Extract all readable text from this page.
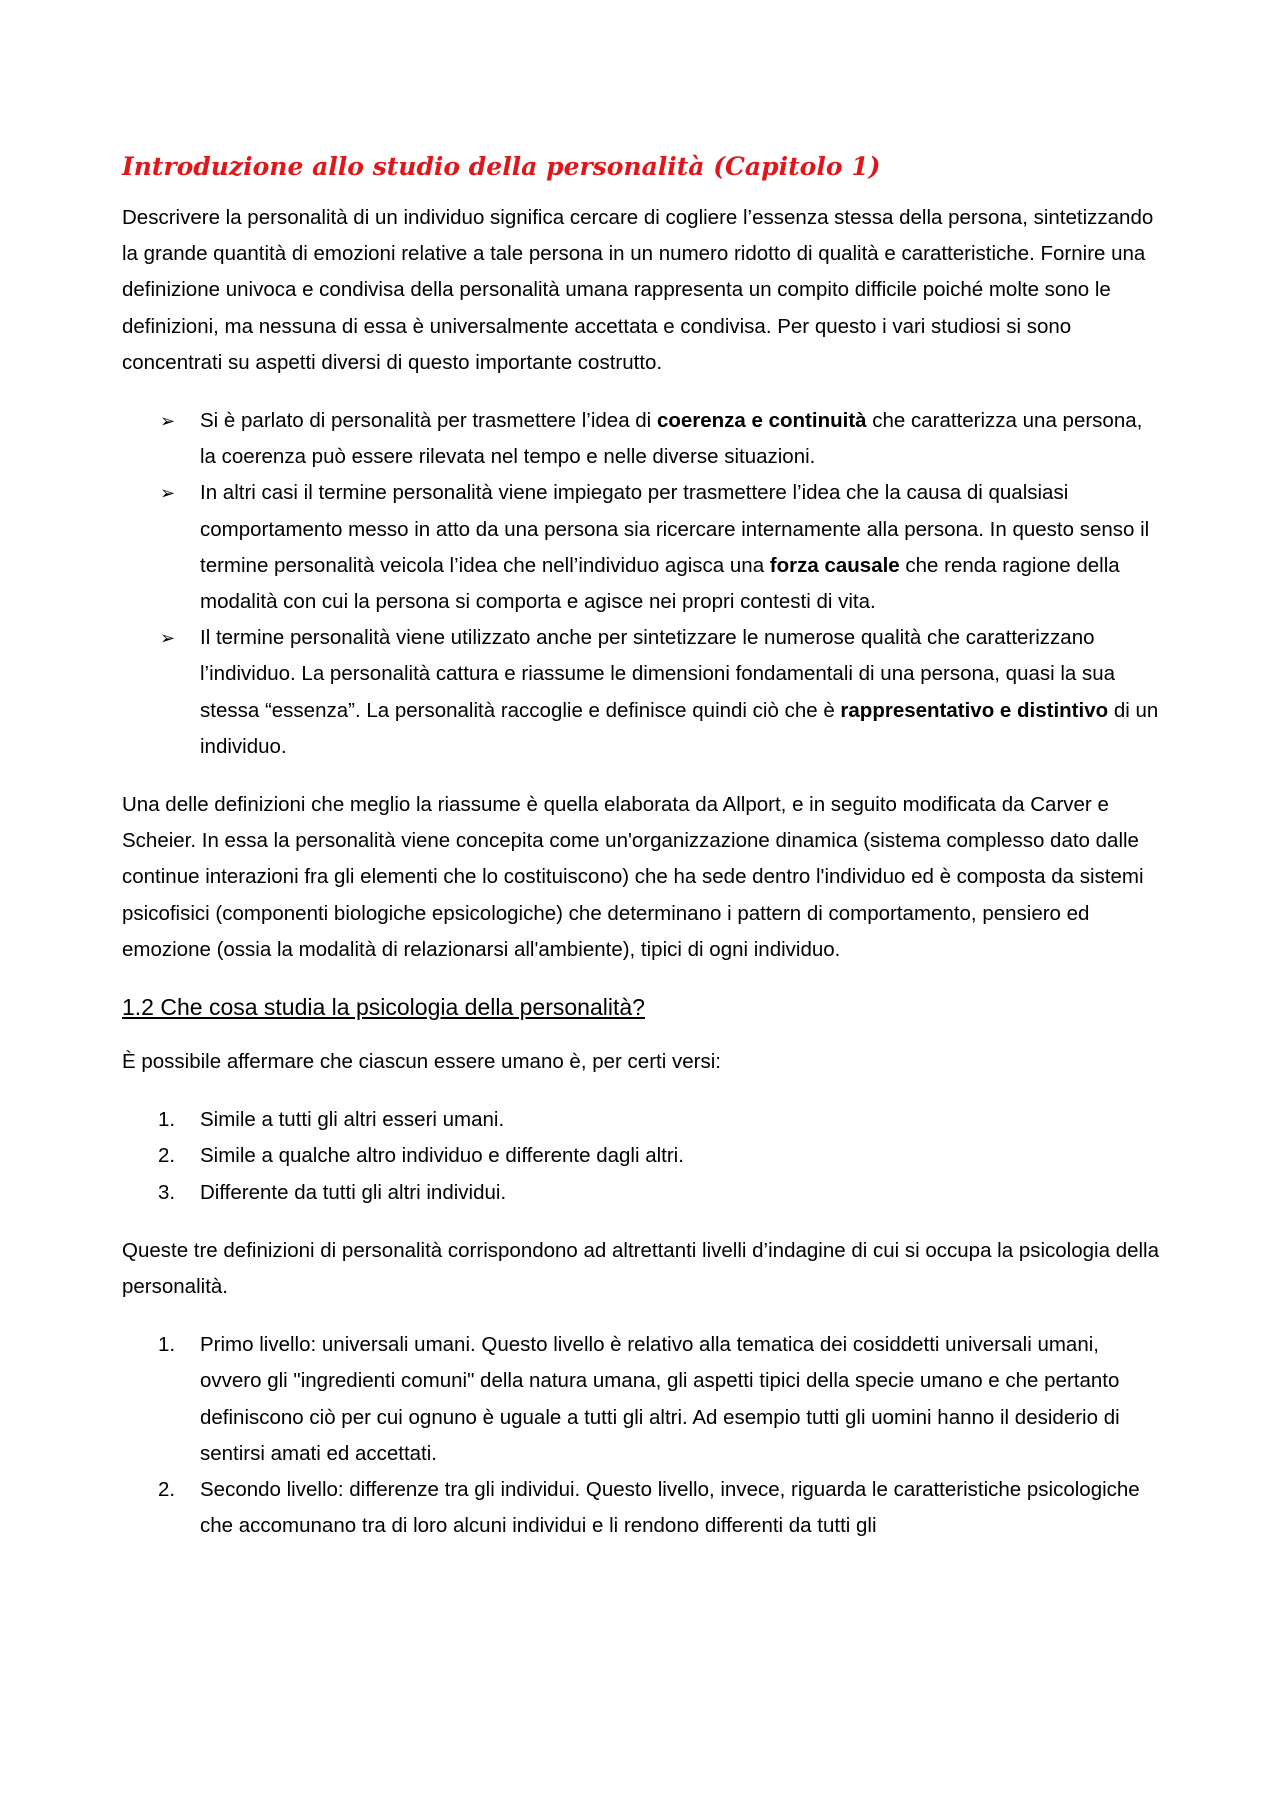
Introduzione allo studio della personalità (Capitolo 1)

Descrivere la personalità di un individuo significa cercare di cogliere l’essenza stessa della persona, sintetizzando la grande quantità di emozioni relative a tale persona in un numero ridotto di qualità e caratteristiche. Fornire una definizione univoca e condivisa della personalità umana rappresenta un compito difficile poiché molte sono le definizioni, ma nessuna di essa è universalmente accettata e condivisa. Per questo i vari studiosi si sono concentrati su aspetti diversi di questo importante costrutto.

➢ Si è parlato di personalità per trasmettere l’idea di coerenza e continuità che caratterizza una persona, la coerenza può essere rilevata nel tempo e nelle diverse situazioni.
➢ In altri casi il termine personalità viene impiegato per trasmettere l’idea che la causa di qualsiasi comportamento messo in atto da una persona sia ricercare internamente alla persona. In questo senso il termine personalità veicola l’idea che nell’individuo agisca una forza causale che renda ragione della modalità con cui la persona si comporta e agisce nei propri contesti di vita.
➢ Il termine personalità viene utilizzato anche per sintetizzare le numerose qualità che caratterizzano l’individuo. La personalità cattura e riassume le dimensioni fondamentali di una persona, quasi la sua stessa “essenza”. La personalità raccoglie e definisce quindi ciò che è rappresentativo e distintivo di un individuo.

Una delle definizioni che meglio la riassume è quella elaborata da Allport, e in seguito modificata da Carver e Scheier. In essa la personalità viene concepita come un'organizzazione dinamica (sistema complesso dato dalle continue interazioni fra gli elementi che lo costituiscono) che ha sede dentro l'individuo ed è composta da sistemi psicofisici (componenti biologiche epsicologiche) che determinano i pattern di comportamento, pensiero ed emozione (ossia la modalità di relazionarsi all'ambiente), tipici di ogni individuo.

1.2 Che cosa studia la psicologia della personalità?

È possibile affermare che ciascun essere umano è, per certi versi:

1. Simile a tutti gli altri esseri umani.
2. Simile a qualche altro individuo e differente dagli altri.
3. Differente da tutti gli altri individui.

Queste tre definizioni di personalità corrispondono ad altrettanti livelli d’indagine di cui si occupa la psicologia della personalità.

1. Primo livello: universali umani. Questo livello è relativo alla tematica dei cosiddetti universali umani, ovvero gli "ingredienti comuni" della natura umana, gli aspetti tipici della specie umano e che pertanto definiscono ciò per cui ognuno è uguale a tutti gli altri. Ad esempio tutti gli uomini hanno il desiderio di sentirsi amati ed accettati.
2. Secondo livello: differenze tra gli individui. Questo livello, invece, riguarda le caratteristiche psicologiche che accomunano tra di loro alcuni individui e li rendono differenti da tutti gli
